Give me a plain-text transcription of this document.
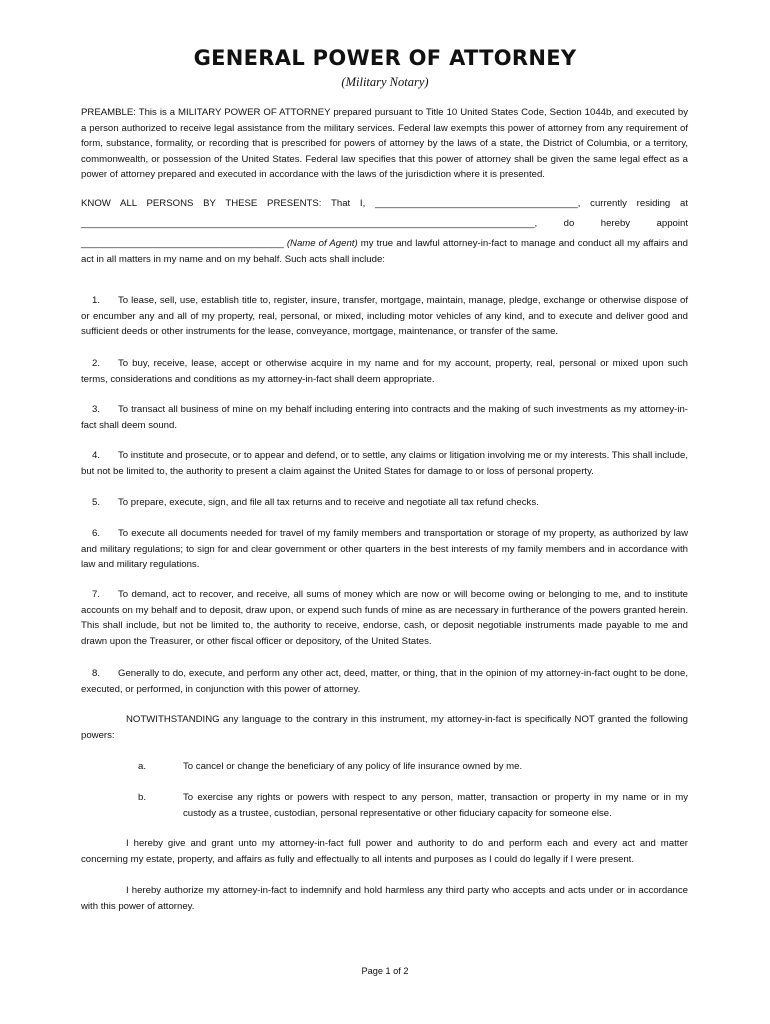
GENERAL POWER OF ATTORNEY
(Military Notary)
PREAMBLE: This is a MILITARY POWER OF ATTORNEY prepared pursuant to Title 10 United States Code, Section 1044b, and executed by a person authorized to receive legal assistance from the military services. Federal law exempts this power of attorney from any requirement of form, substance, formality, or recording that is prescribed for powers of attorney by the laws of a state, the District of Columbia, or a territory, commonwealth, or possession of the United States. Federal law specifies that this power of attorney shall be given the same legal effect as a power of attorney prepared and executed in accordance with the laws of the jurisdiction where it is presented.
KNOW ALL PERSONS BY THESE PRESENTS: That I, ______________________________________, currently residing at
_____________________________________________________________________________________, do hereby appoint
______________________________________ (Name of Agent) my true and lawful attorney-in-fact to manage and conduct all my affairs and act in all matters in my name and on my behalf. Such acts shall include:
1. To lease, sell, use, establish title to, register, insure, transfer, mortgage, maintain, manage, pledge, exchange or otherwise dispose of or encumber any and all of my property, real, personal, or mixed, including motor vehicles of any kind, and to execute and deliver good and sufficient deeds or other instruments for the lease, conveyance, mortgage, maintenance, or transfer of the same.
2. To buy, receive, lease, accept or otherwise acquire in my name and for my account, property, real, personal or mixed upon such terms, considerations and conditions as my attorney-in-fact shall deem appropriate.
3. To transact all business of mine on my behalf including entering into contracts and the making of such investments as my attorney-in-fact shall deem sound.
4. To institute and prosecute, or to appear and defend, or to settle, any claims or litigation involving me or my interests. This shall include, but not be limited to, the authority to present a claim against the United States for damage to or loss of personal property.
5. To prepare, execute, sign, and file all tax returns and to receive and negotiate all tax refund checks.
6. To execute all documents needed for travel of my family members and transportation or storage of my property, as authorized by law and military regulations; to sign for and clear government or other quarters in the best interests of my family members and in accordance with law and military regulations.
7. To demand, act to recover, and receive, all sums of money which are now or will become owing or belonging to me, and to institute accounts on my behalf and to deposit, draw upon, or expend such funds of mine as are necessary in furtherance of the powers granted herein. This shall include, but not be limited to, the authority to receive, endorse, cash, or deposit negotiable instruments made payable to me and drawn upon the Treasurer, or other fiscal officer or depository, of the United States.
8. Generally to do, execute, and perform any other act, deed, matter, or thing, that in the opinion of my attorney-in-fact ought to be done, executed, or performed, in conjunction with this power of attorney.
NOTWITHSTANDING any language to the contrary in this instrument, my attorney-in-fact is specifically NOT granted the following powers:
a.	To cancel or change the beneficiary of any policy of life insurance owned by me.
b.	To exercise any rights or powers with respect to any person, matter, transaction or property in my name or in my custody as a trustee, custodian, personal representative or other fiduciary capacity for someone else.
I hereby give and grant unto my attorney-in-fact full power and authority to do and perform each and every act and matter concerning my estate, property, and affairs as fully and effectually to all intents and purposes as I could do legally if I were present.
I hereby authorize my attorney-in-fact to indemnify and hold harmless any third party who accepts and acts under or in accordance with this power of attorney.
Page 1 of 2
